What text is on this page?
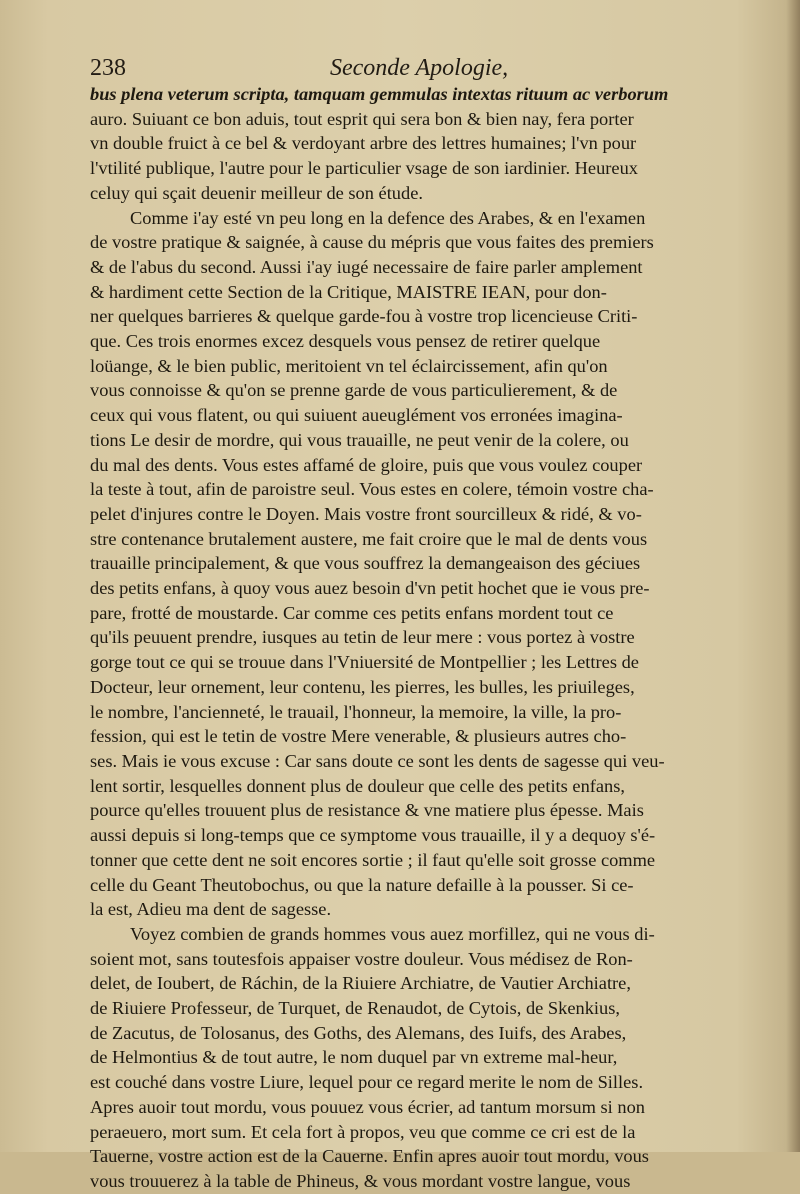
238	Seconde Apologie,
bus plena veterum scripta, tamquam gemmulas intextas rituum ac verborum
auro. Suiuant ce bon aduis, tout esprit qui sera bon & bien nay, fera porter
vn double fruict à ce bel & verdoyant arbre des lettres humaines; l'vn pour
l'vtilité publique, l'autre pour le particulier vsage de son iardinier. Heureux
celuy qui sçait deuenir meilleur de son étude.
Comme i'ay esté vn peu long en la defence des Arabes, & en l'examen
de vostre pratique & saignée, à cause du mépris que vous faites des premiers
& de l'abus du second. Aussi i'ay iugé necessaire de faire parler amplement
& hardiment cette Section de la Critique, MAISTRE IEAN, pour don-
ner quelques barrieres & quelque garde-fou à vostre trop licencieuse Criti-
que. Ces trois enormes excez desquels vous pensez de retirer quelque
loüange, & le bien public, meritoient vn tel éclaircissement, afin qu'on
vous connoisse & qu'on se prenne garde de vous particulierement, & de
ceux qui vous flatent, ou qui suiuent aueuglément vos erronées imagina-
tions Le desir de mordre, qui vous trauaille, ne peut venir de la colere, ou
du mal des dents. Vous estes affamé de gloire, puis que vous voulez couper
la teste à tout, afin de paroistre seul. Vous estes en colere, témoin vostre cha-
pelet d'injures contre le Doyen. Mais vostre front sourcilleux & ridé, & vo-
stre contenance brutalement austere, me fait croire que le mal de dents vous
trauaille principalement, & que vous souffrez la demangeaison des géciues
des petits enfans, à quoy vous auez besoin d'vn petit hochet que ie vous pre-
pare, frotté de moustarde. Car comme ces petits enfans mordent tout ce
qu'ils peuuent prendre, iusques au tetin de leur mere : vous portez à vostre
gorge tout ce qui se trouue dans l'Vniuersité de Montpellier ; les Lettres de
Docteur, leur ornement, leur contenu, les pierres, les bulles, les priuileges,
le nombre, l'ancienneté, le trauail, l'honneur, la memoire, la ville, la pro-
fession, qui est le tetin de vostre Mere venerable, & plusieurs autres cho-
ses. Mais ie vous excuse : Car sans doute ce sont les dents de sagesse qui veu-
lent sortir, lesquelles donnent plus de douleur que celle des petits enfans,
pource qu'elles trouuent plus de resistance & vne matiere plus épesse. Mais
aussi depuis si long-temps que ce symptome vous trauaille, il y a dequoy s'é-
tonner que cette dent ne soit encores sortie ; il faut qu'elle soit grosse comme
celle du Geant Theutobochus, ou que la nature defaille à la pousser. Si ce-
la est, Adieu ma dent de sagesse.
Voyez combien de grands hommes vous auez morfillez, qui ne vous di-
soient mot, sans toutesfois appaiser vostre douleur. Vous médisez de Ron-
delet, de Ioubert, de Ráchin, de la Riuiere Archiatre, de Vautier Archiatre,
de Riuiere Professeur, de Turquet, de Renaudot, de Cytois, de Skenkius,
de Zacutus, de Tolosanus, des Goths, des Alemans, des Iuifs, des Arabes,
de Helmontius & de tout autre, le nom duquel par vn extreme mal-heur,
est couché dans vostre Liure, lequel pour ce regard merite le nom de Silles.
Apres auoir tout mordu, vous pouuez vous écrier, ad tantum morsum si non
peraeuero, mort sum. Et cela fort à propos, veu que comme ce cri est de la
Tauerne, vostre action est de la Cauerne. Enfin apres auoir tout mordu, vous
vous trouuerez à la table de Phineus, & vous mordant vostre langue, vous
